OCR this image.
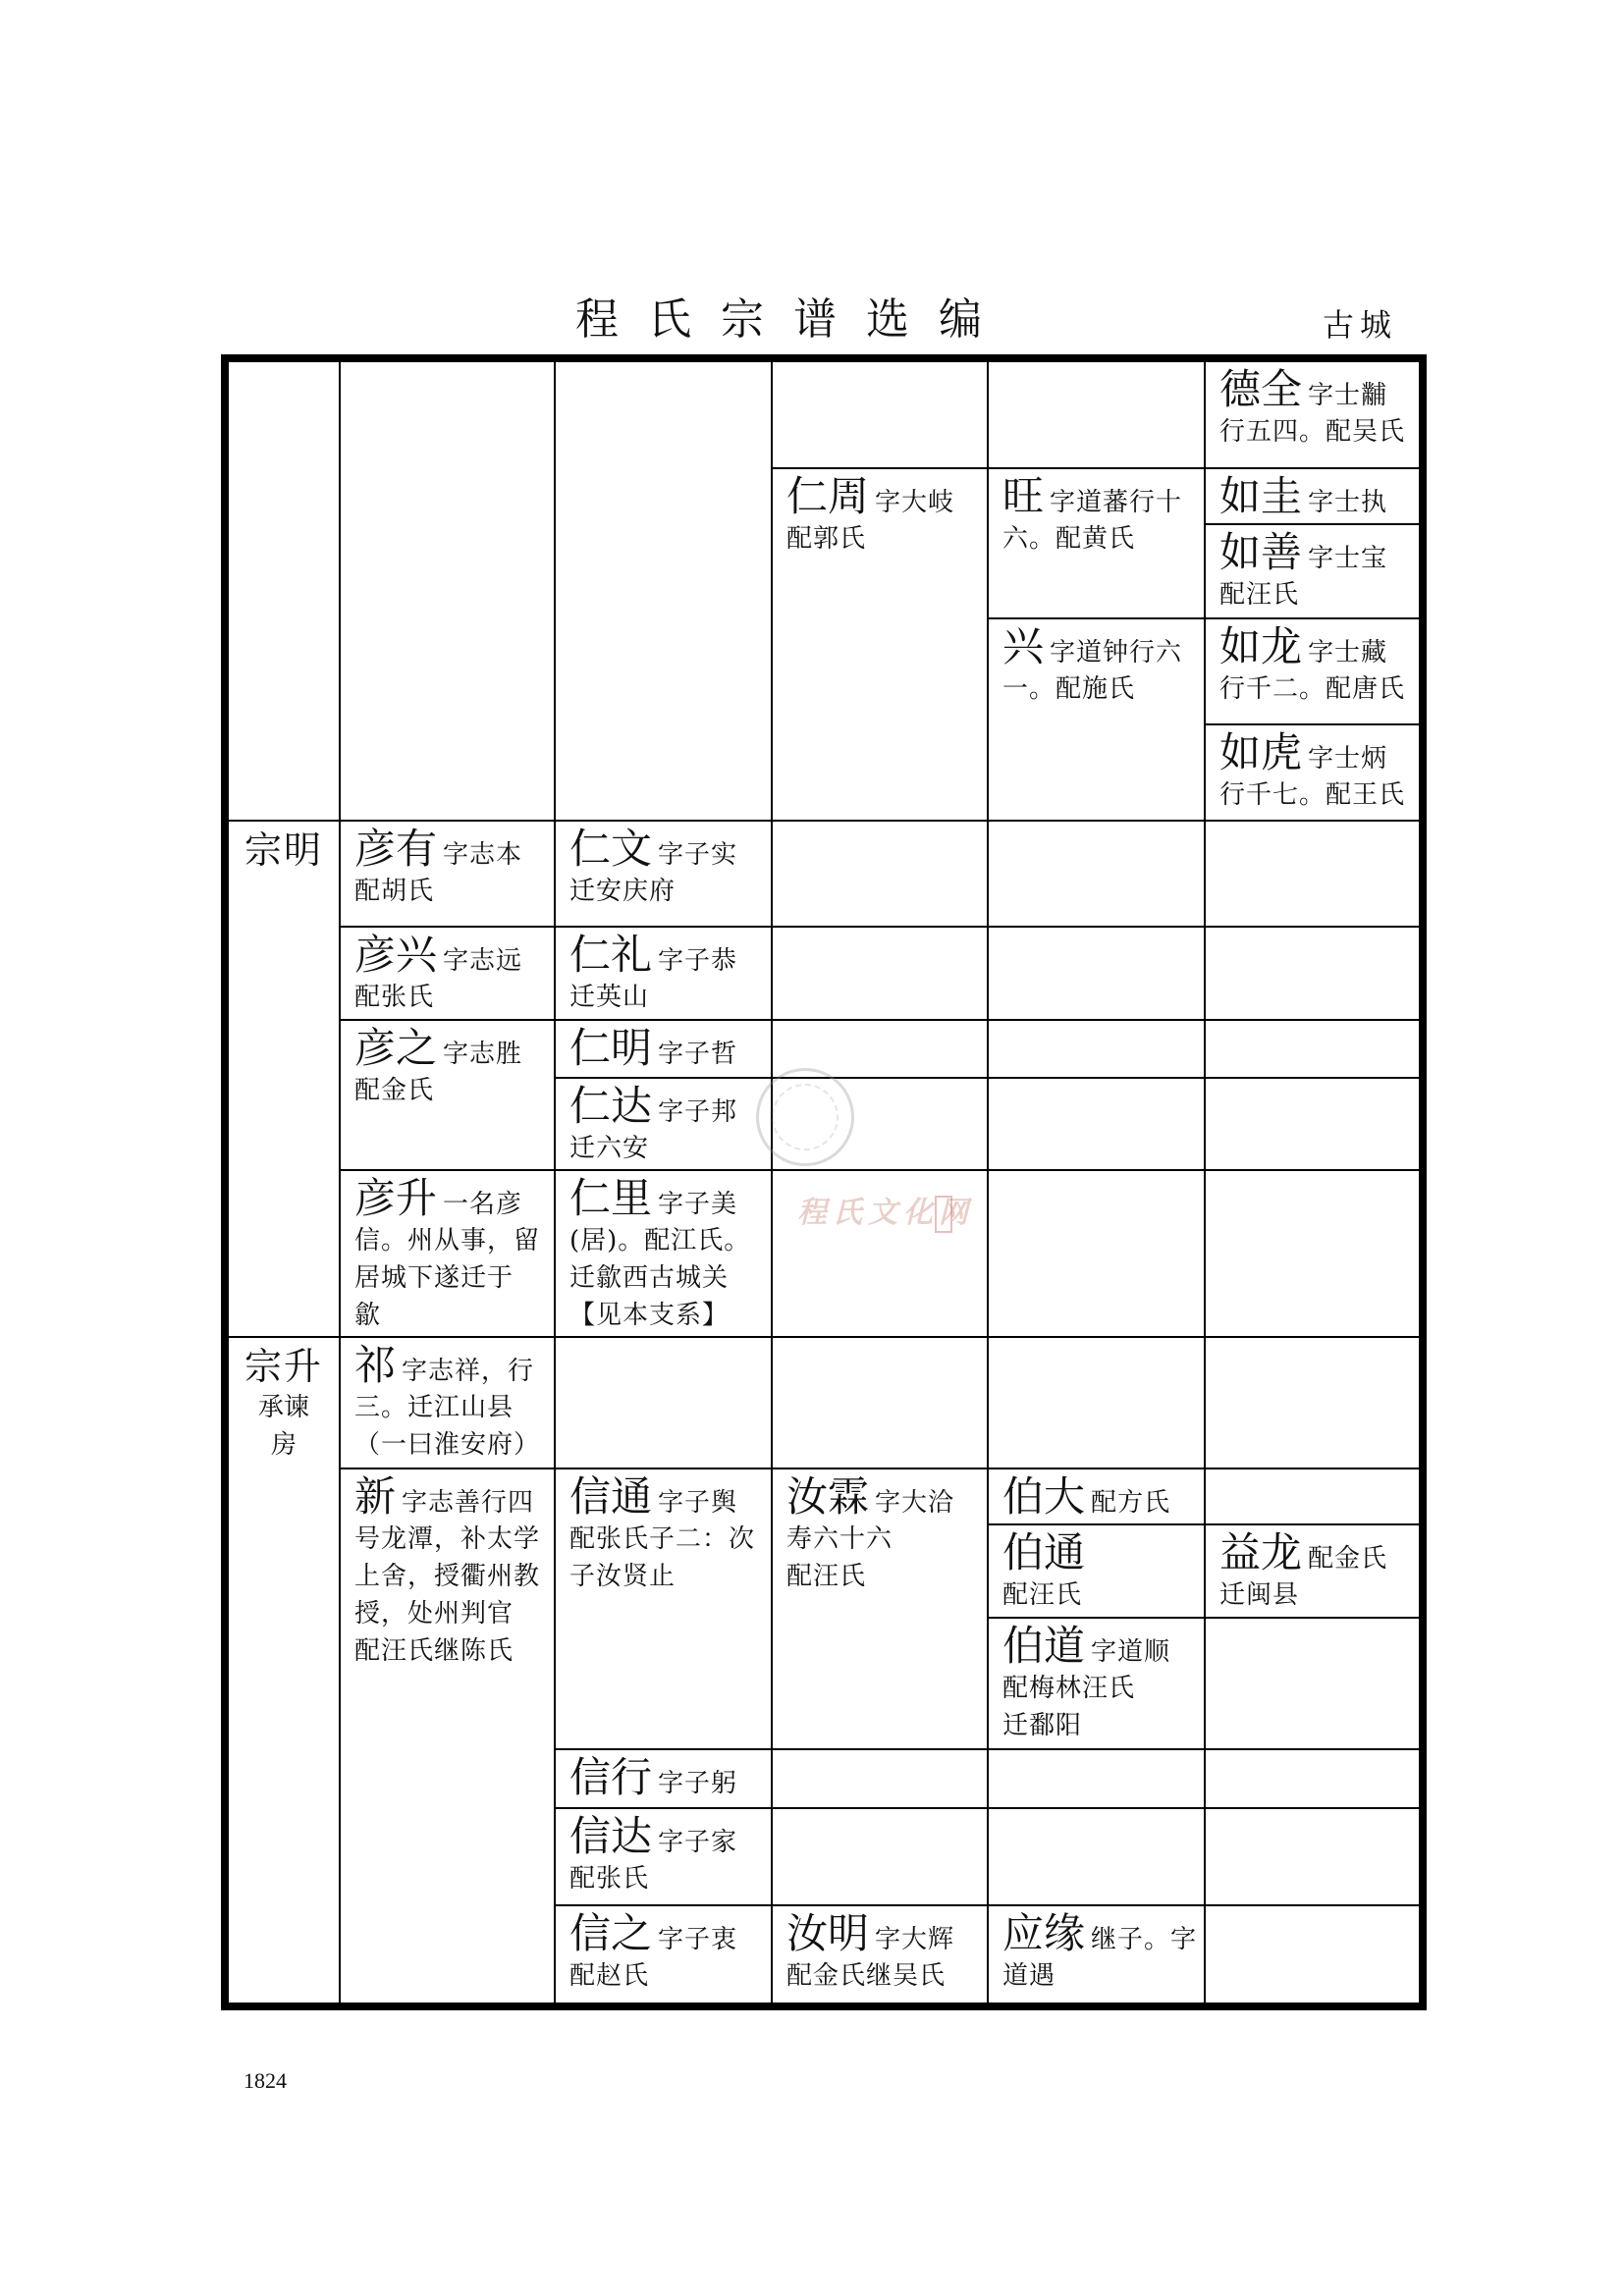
程氏宗谱选编	古城
仁周 字大岐
配郭氏
旺字道蕃行十
六。配黄氏
兴字道钟行六
一。配施氏
德全 字士黼
行五四。配吴氏
如圭 字士执
如善 字士宝
配汪氏
如龙 字士藏
行千二。配唐氏
如虎 字士炳
行千七。配王氏
宗明 彦有 字志本
配胡氏
彦兴 字志远
配张氏
彦之 字志胜
配金氏
彦升 一名彦
信。州从事，留
居城下遂迁于
歙
仁文 字子实
迁安庆府
仁礼 字子恭
迁英山
仁明 字子哲
仁达 字子邦
迁六安
仁里 字子美
(居)。配江氏。
迁歙西古城关
【见本支系】
宗升
承谏房
祁字志祥，行
三。迁江山县
（一曰淮安府）
新字志善行四
号龙潭，补太学
上舍，授衢州教
授，处州判官
配汪氏继陈氏
信通 字子舆
配张氏子二：次
子汝贤止
信行 字子躬
信达 字子家
配张氏
信之 字子衷
配赵氏
汝霖 字大洽
寿六十六
配汪氏
汝明 字大辉
配金氏继吴氏
伯大 配方氏
伯通
配汪氏
伯道 字道顺
配梅林汪氏
迁鄱阳
应缘 继子。字
道遇
益龙 配金氏
迁闽县
程氏文化网
1824
